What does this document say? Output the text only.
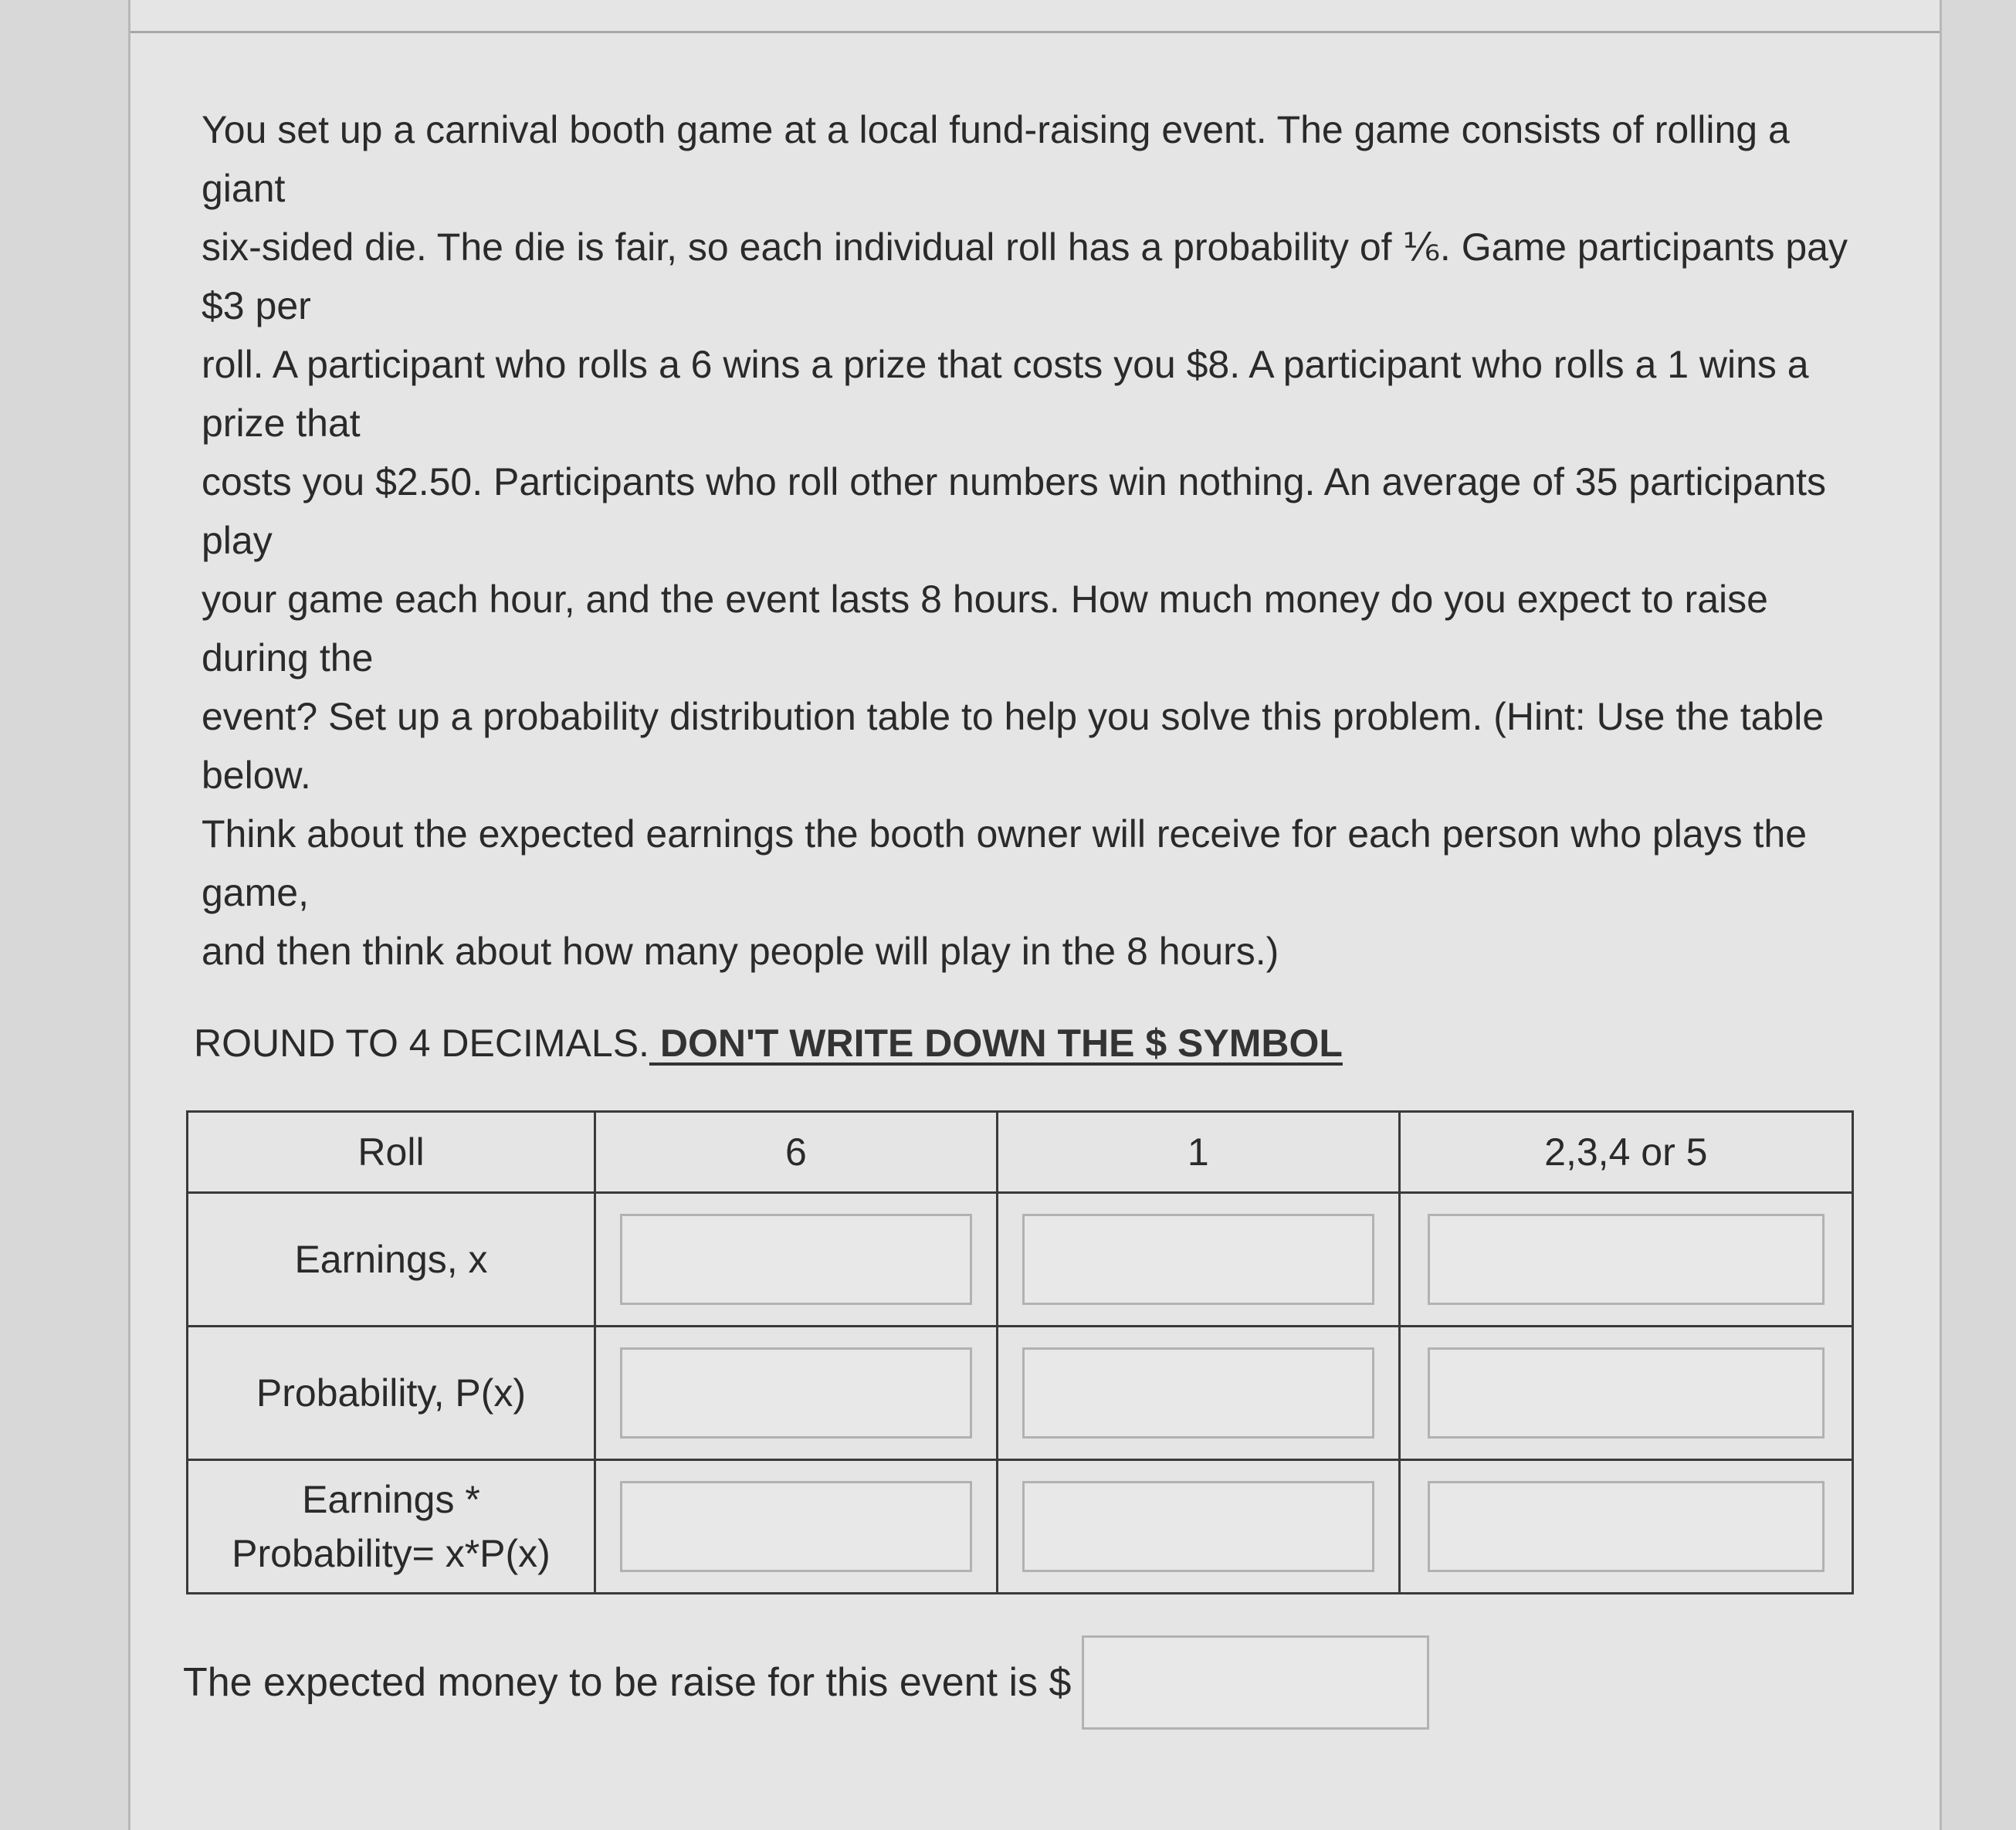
You set up a carnival booth game at a local fund-raising event. The game consists of rolling a

giant

six-sided die. The die is fair, so each individual roll has a probability of ⅙. Game participants pay

$3 per

roll. A participant who rolls a 6 wins a prize that costs you $8. A participant who rolls a 1 wins a

prize that

costs you $2.50. Participants who roll other numbers win nothing. An average of 35 participants

play

your game each hour, and the event lasts 8 hours. How much money do you expect to raise

during the

event? Set up a probability distribution table to help you solve this problem. (Hint: Use the table

below.

Think about the expected earnings the booth owner will receive for each person who plays the

game,

and then think about how many people will play in the 8 hours.)

ROUND TO 4 DECIMALS. DON'T WRITE DOWN THE $ SYMBOL
Roll	6	1	2,3,4 or 5
Earnings, x	

Probability, P(x)	

Earnings *
Probability= x*P(x)

The expected money to be raise for this event is $
